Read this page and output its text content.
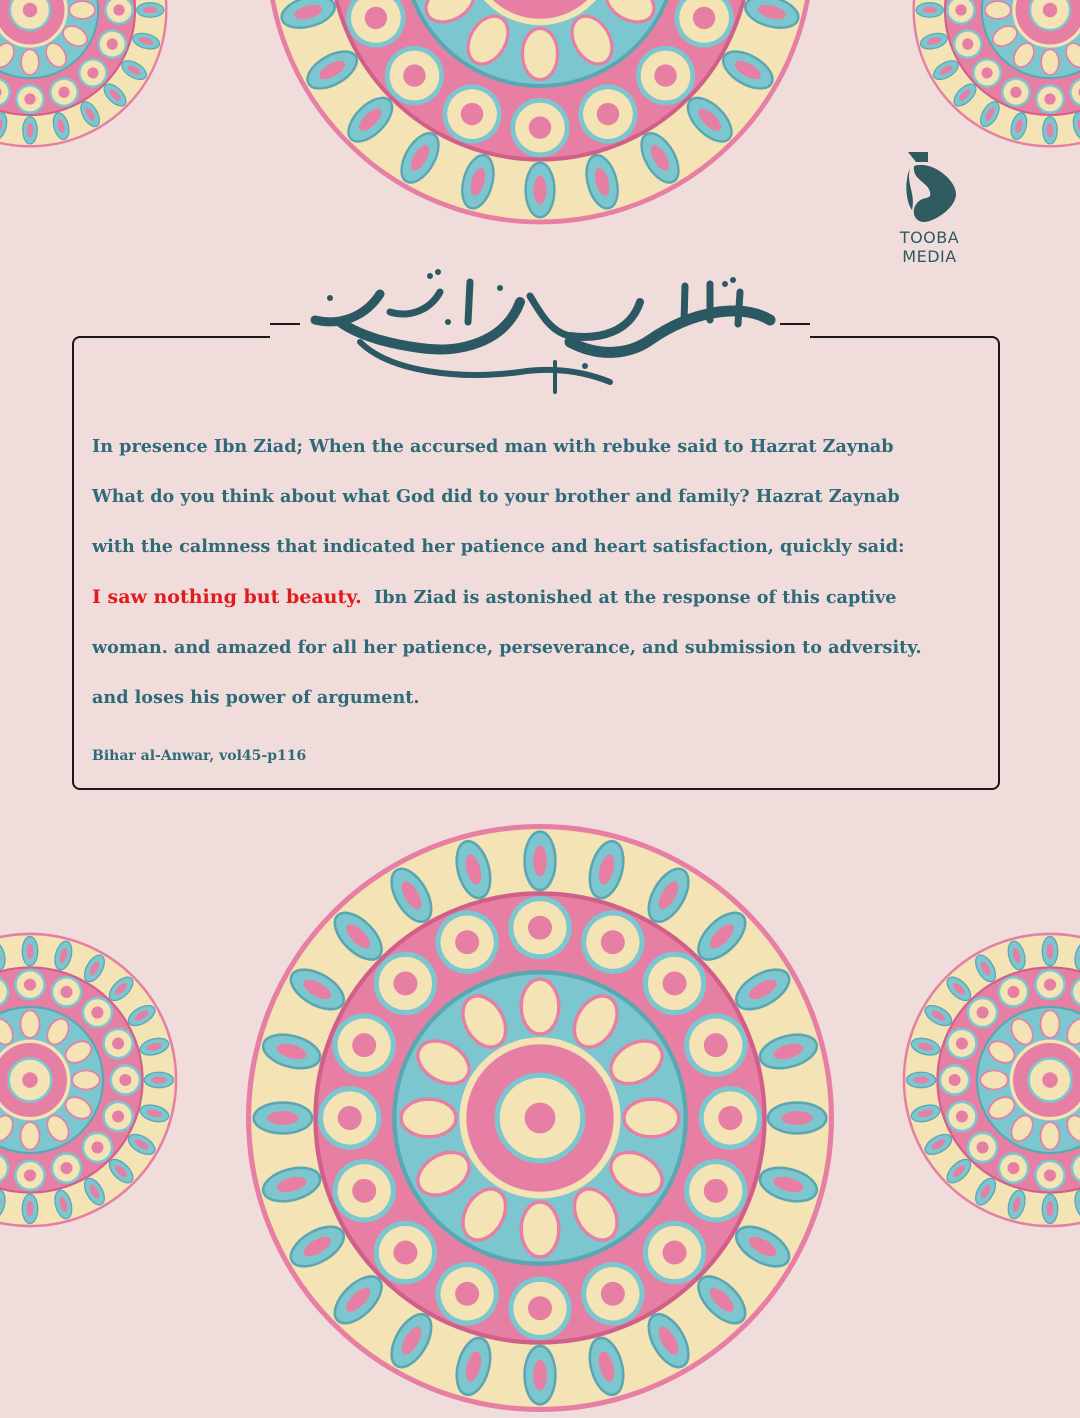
TOOBA MEDIA
صلی الله علیک یا زینب الکبری
In presence Ibn Ziad; When the accursed man with rebuke said to Hazrat Zaynab
What do you think about what God did to your brother and family? Hazrat Zaynab
with the calmness that indicated her patience and heart satisfaction, quickly said:
I saw nothing but beauty. Ibn Ziad is astonished at the response of this captive
woman. and amazed for all her patience, perseverance, and submission to adversity.
and loses his power of argument.
Bihar al-Anwar, vol45-p116
